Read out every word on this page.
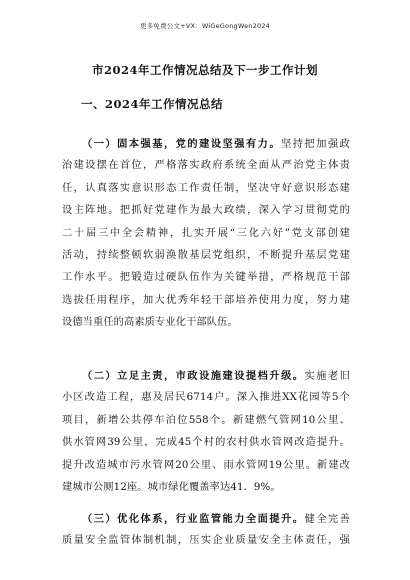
更多免费公文+VX：WiGeGongWen2024
市2024年工作情况总结及下一步工作计划
一、2024年工作情况总结
（一）固本强基，党的建设坚强有力。坚持把加强政
治建设摆在首位，严格落实政府系统全面从严治党主体责
任，认真落实意识形态工作责任制，坚决守好意识形态建
设主阵地。把抓好党建作为最大政绩，深入学习贯彻党的
二十届三中全会精神，扎实开展“三化六好”党支部创建
活动，持续整顿软弱涣散基层党组织，不断提升基层党建
工作水平。把锻造过硬队伍作为关键举措，严格规范干部
选拔任用程序，加大优秀年轻干部培养使用力度，努力建
设德当重任的高素质专业化干部队伍。
（二）立足主责，市政设施建设提档升级。实施老旧
小区改造工程，惠及居民6714户。深入推进XX花园等5个
项目，新增公共停车泊位558个。新建燃气管网10公里、
供水管网39公里，完成45个村的农村供水管网改造提升。
提升改造城市污水管网20公里、雨水管网19公里。新建改
建城市公厕12座。城市绿化覆盖率达41．9%。
（三）优化体系，行业监管能力全面提升。健全完善
质量安全监管体制机制，压实企业质量安全主体责任，强
